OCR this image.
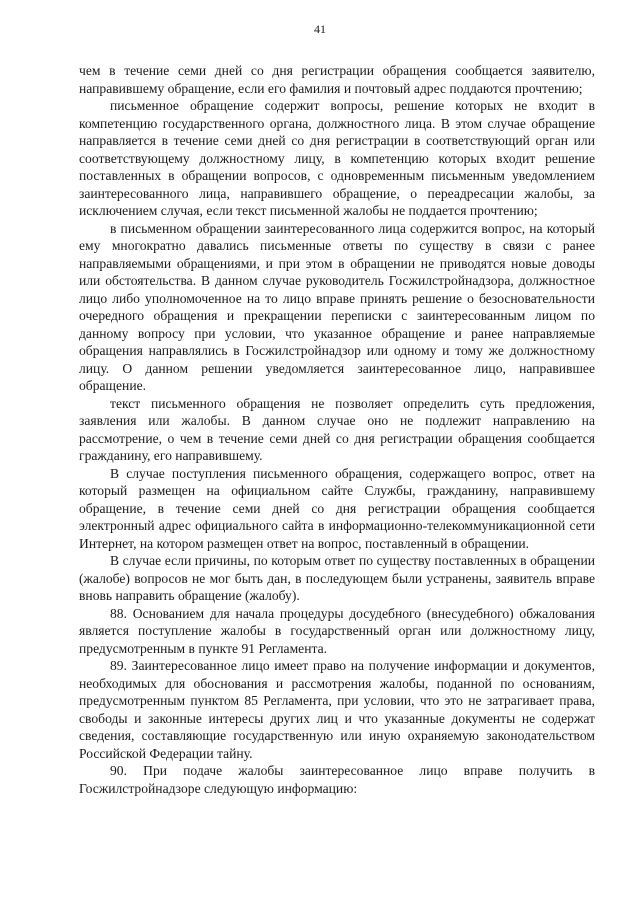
41

чем в течение семи дней со дня регистрации обращения сообщается заявителю, направившему обращение, если его фамилия и почтовый адрес поддаются прочтению;

письменное обращение содержит вопросы, решение которых не входит в компетенцию государственного органа, должностного лица. В этом случае обращение направляется в течение семи дней со дня регистрации в соответствующий орган или соответствующему должностному лицу, в компетенцию которых входит решение поставленных в обращении вопросов, с одновременным письменным уведомлением заинтересованного лица, направившего обращение, о переадресации жалобы, за исключением случая, если текст письменной жалобы не поддается прочтению;

в письменном обращении заинтересованного лица содержится вопрос, на который ему многократно давались письменные ответы по существу в связи с ранее направляемыми обращениями, и при этом в обращении не приводятся новые доводы или обстоятельства. В данном случае руководитель Госжилстройнадзора, должностное лицо либо уполномоченное на то лицо вправе принять решение о безосновательности очередного обращения и прекращении переписки с заинтересованным лицом по данному вопросу при условии, что указанное обращение и ранее направляемые обращения направлялись в Госжилстройнадзор или одному и тому же должностному лицу. О данном решении уведомляется заинтересованное лицо, направившее обращение.

текст письменного обращения не позволяет определить суть предложения, заявления или жалобы. В данном случае оно не подлежит направлению на рассмотрение, о чем в течение семи дней со дня регистрации обращения сообщается гражданину, его направившему.

В случае поступления письменного обращения, содержащего вопрос, ответ на который размещен на официальном сайте Службы, гражданину, направившему обращение, в течение семи дней со дня регистрации обращения сообщается электронный адрес официального сайта в информационно-телекоммуникационной сети Интернет, на котором размещен ответ на вопрос, поставленный в обращении.

В случае если причины, по которым ответ по существу поставленных в обращении (жалобе) вопросов не мог быть дан, в последующем были устранены, заявитель вправе вновь направить обращение (жалобу).

88. Основанием для начала процедуры досудебного (внесудебного) обжалования является поступление жалобы в государственный орган или должностному лицу, предусмотренным в пункте 91 Регламента.

89. Заинтересованное лицо имеет право на получение информации и документов, необходимых для обоснования и рассмотрения жалобы, поданной по основаниям, предусмотренным пунктом 85 Регламента, при условии, что это не затрагивает права, свободы и законные интересы других лиц и что указанные документы не содержат сведения, составляющие государственную или иную охраняемую законодательством Российской Федерации тайну.

90. При подаче жалобы заинтересованное лицо вправе получить в Госжилстройнадзоре следующую информацию:
